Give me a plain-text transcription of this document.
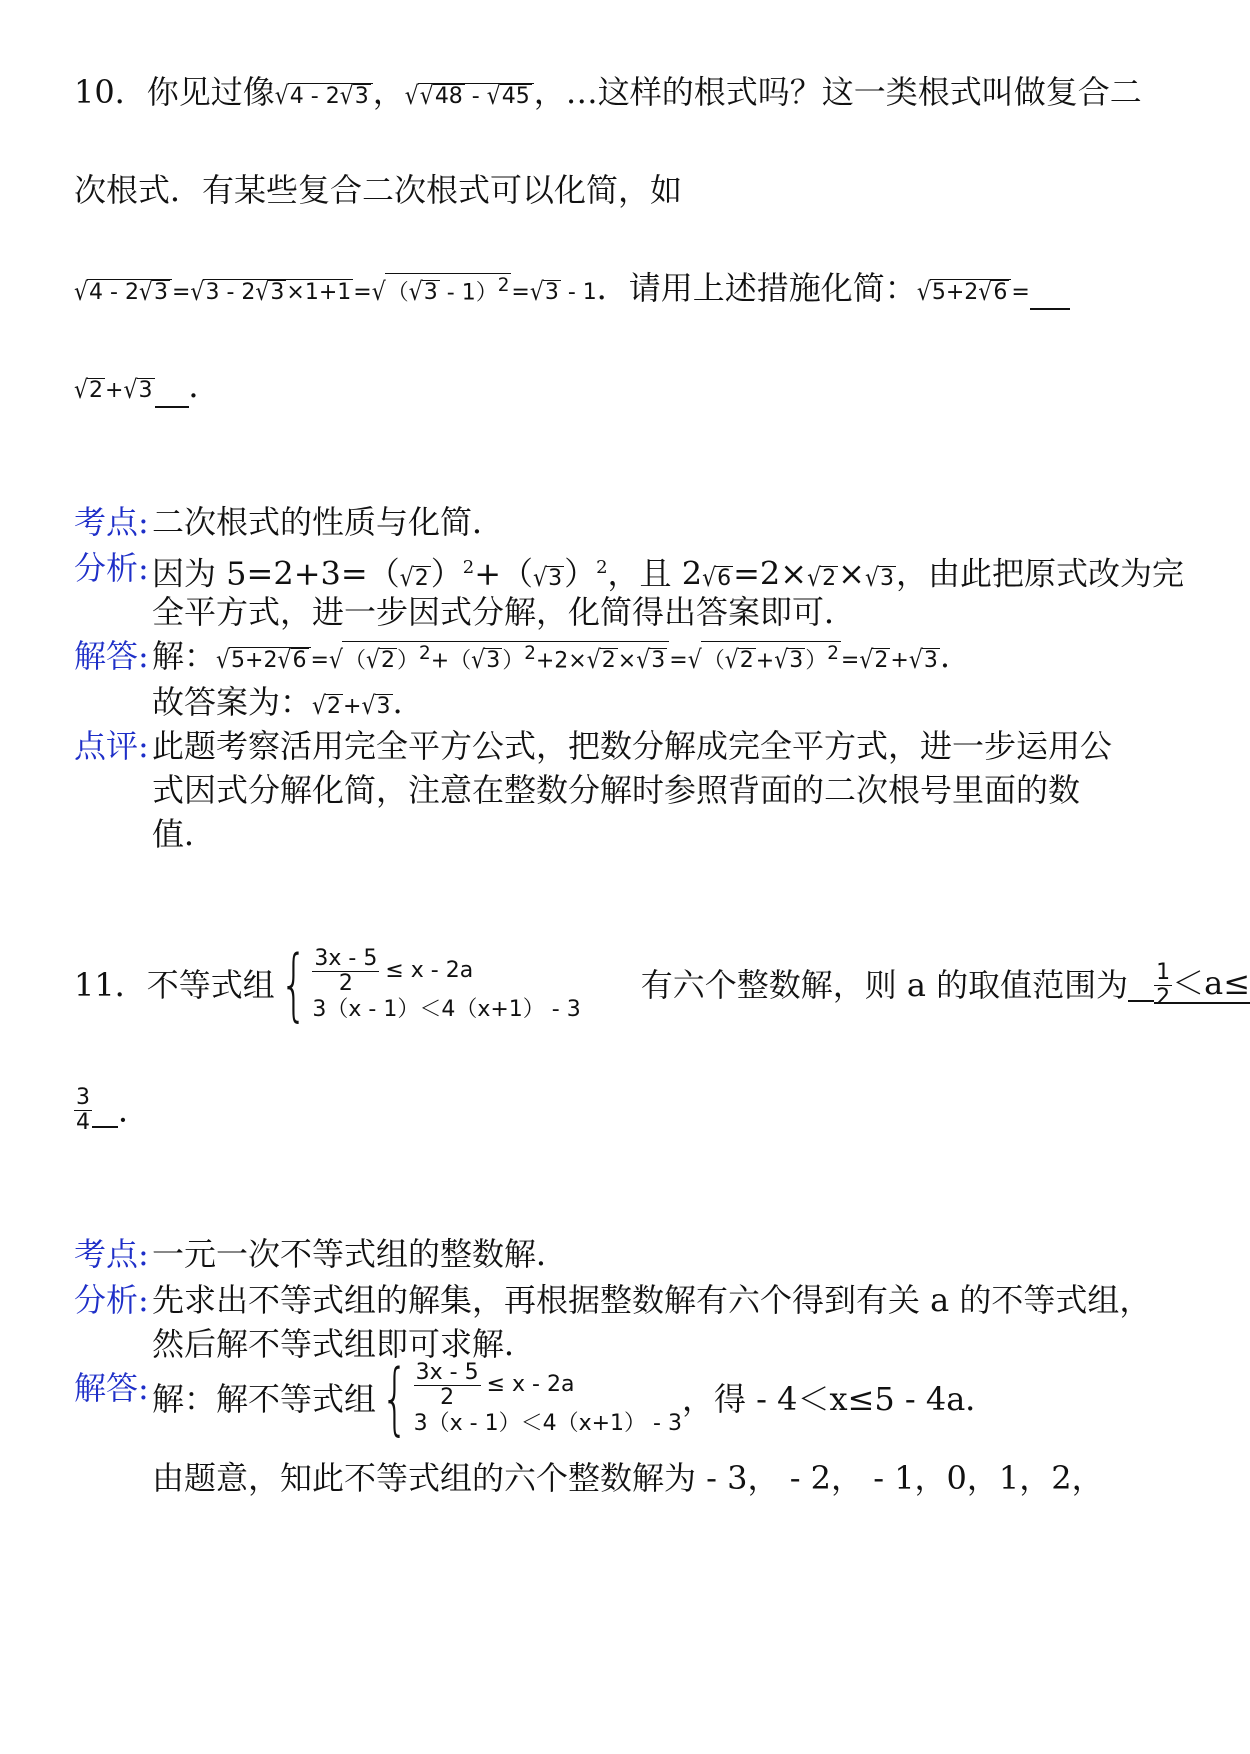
10．你见过像√4 - 2√3 ，√√48 - √45 ，…这样的根式吗？这一类根式叫做复合二
次根式．有某些复合二次根式可以化简，如
√4 - 2√3 =√3 - 2√3×1+1=√（√3 - 1）$^2$=√3 - 1．请用上述措施化简：√5+2√6 =
√2+√3 ．
考点: 二次根式的性质与化简．
分析: 因为 $5=2+3=(√2)^2+(√3)^2$，且 2√6=2×√2×√3，由此把原式改为完
全平方式，进一步因式分解，化简得出答案即可．
解答: 解：$√5+2√6 =√(√2)^2+(√3)^2+2\times√2\times√3 =√(√2+√3)^2=√2+√3$.
故答案为：√2+√3.
点评: 此题考察活用完全平方公式，把数分解成完全平方式，进一步运用公
式因式分解化简，注意在整数分解时参照背面的二次根号里面的数
值．
11．不等式组 { $\frac{3x - 5}{2} \le x - 2a$
3（x - 1）＜4（x+1） - 3
有六个整数解，则 a 的取值范围为 $\frac{1}{2} <a\le$
$\frac{3}{4}$ ．
考点: 一元一次不等式组的整数解．
分析: 先求出不等式组的解集，再根据整数解有六个得到有关 a 的不等式组，
然后解不等式组即可求解．
解答: 解：解不等式组 { $\frac{3x - 5}{2} \le x - 2a$
3（x - 1）＜4（x+1） - 3
，得 - 4＜x≤5 - 4a．
由题意，知此不等式组的六个整数解为 - 3， - 2， - 1，0，1，2，
